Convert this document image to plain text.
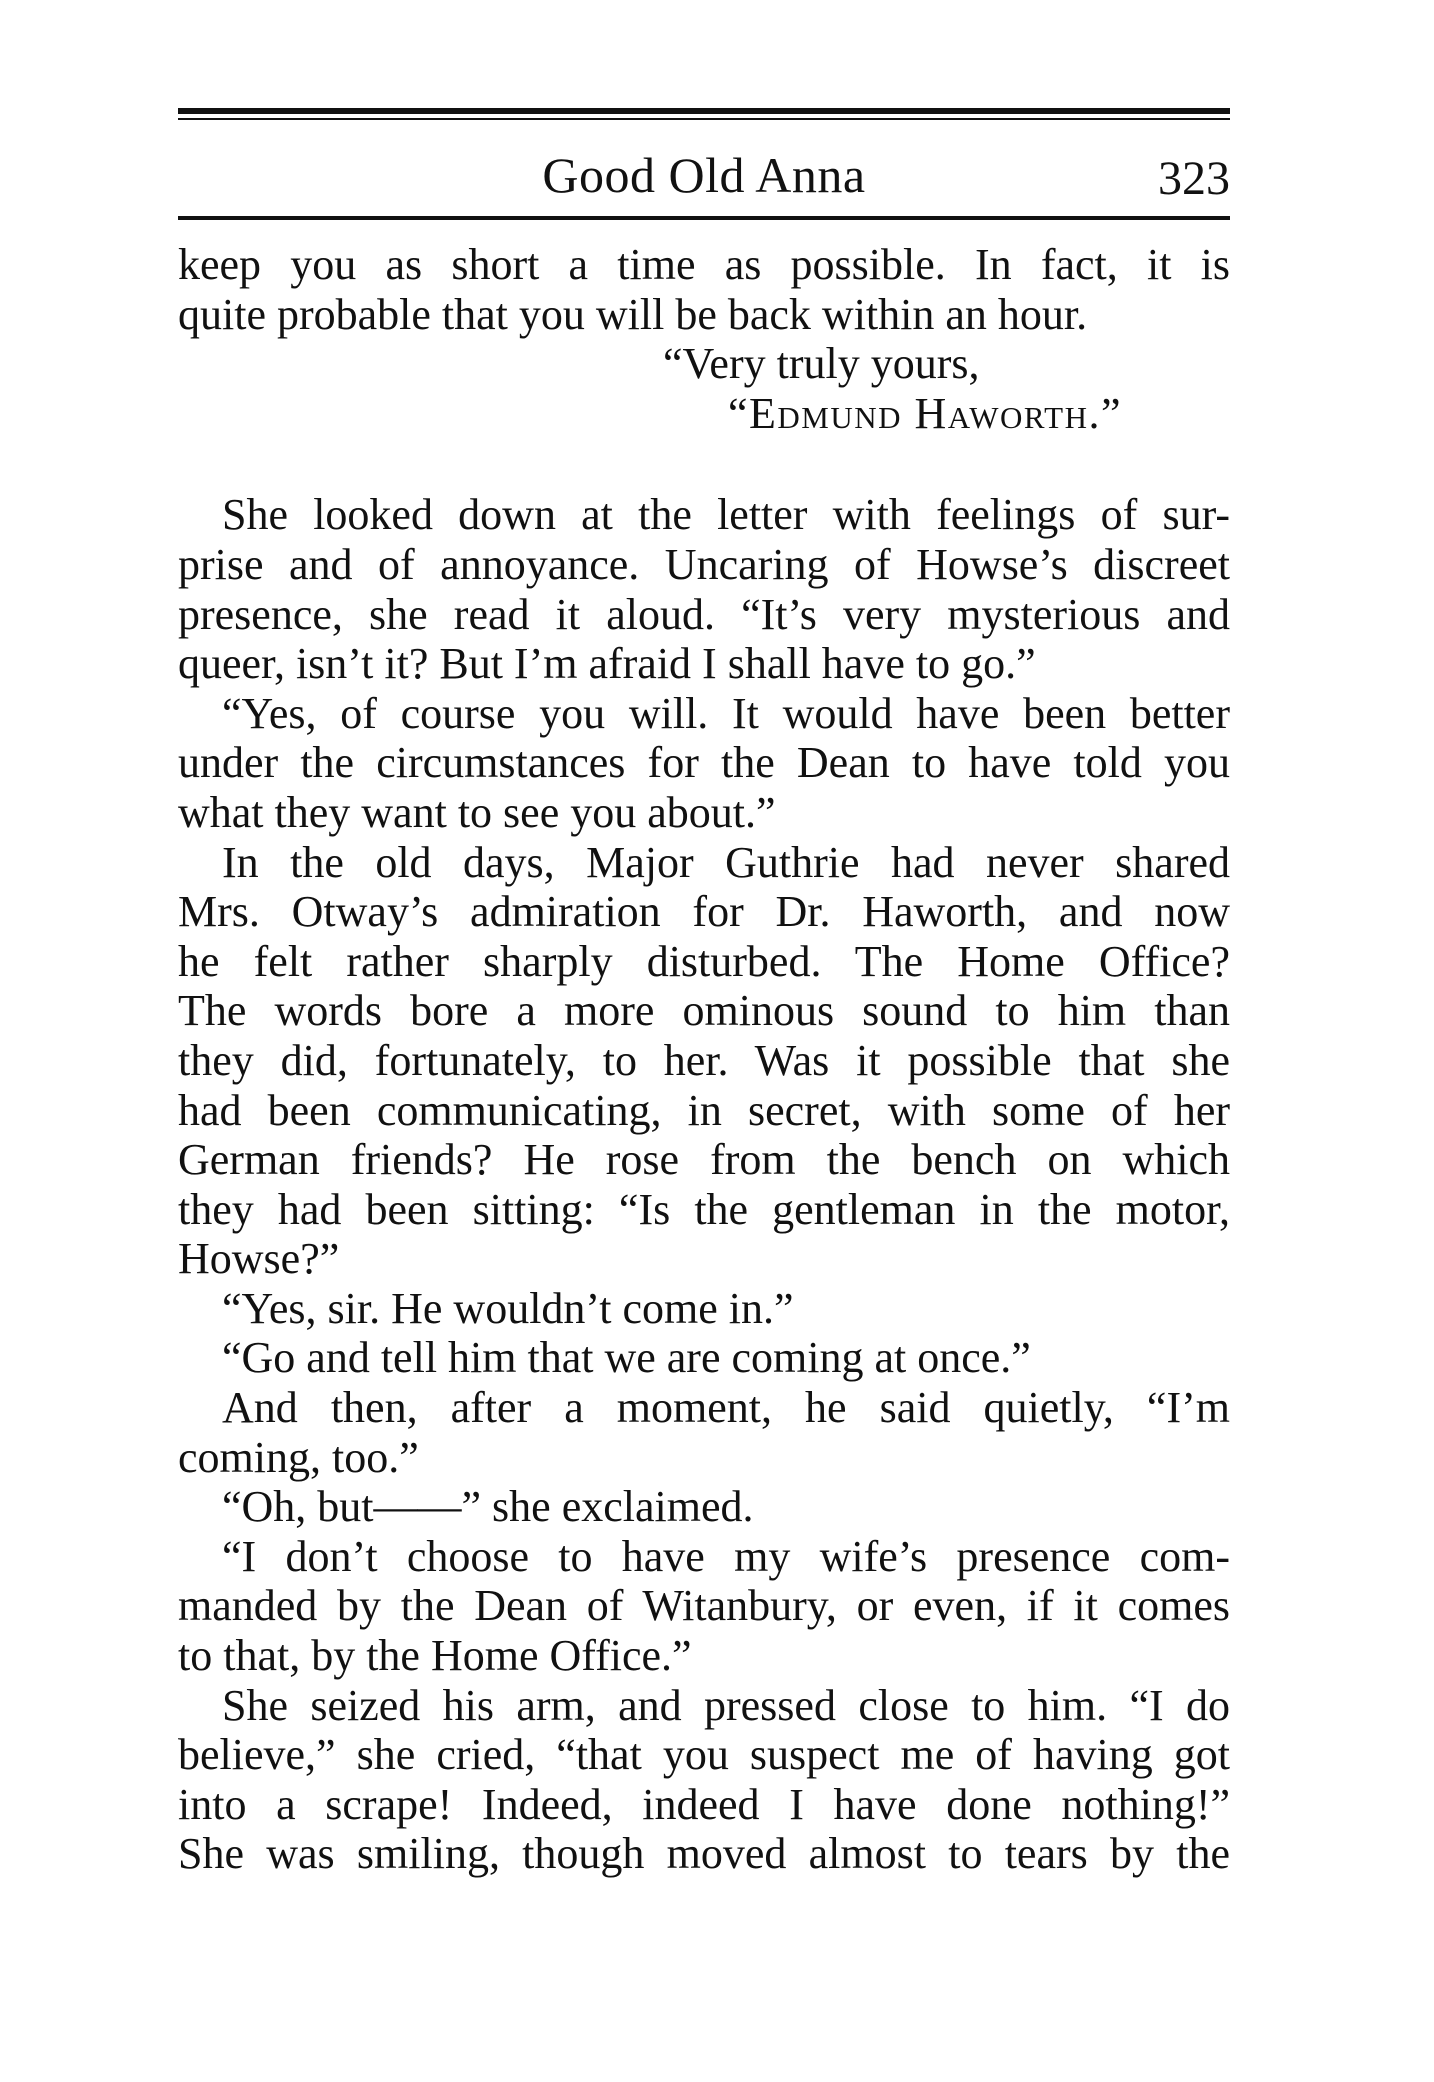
Good Old Anna	323
keep you as short a time as possible. In fact, it is
quite probable that you will be back within an hour.
“Very truly yours,
“Edmund Haworth.”
She looked down at the letter with feelings of sur-
prise and of annoyance. Uncaring of Howse’s discreet
presence, she read it aloud. “It’s very mysterious and
queer, isn’t it? But I’m afraid I shall have to go.”
“Yes, of course you will. It would have been better
under the circumstances for the Dean to have told you
what they want to see you about.”
In the old days, Major Guthrie had never shared
Mrs. Otway’s admiration for Dr. Haworth, and now
he felt rather sharply disturbed. The Home Office?
The words bore a more ominous sound to him than
they did, fortunately, to her. Was it possible that she
had been communicating, in secret, with some of her
German friends? He rose from the bench on which
they had been sitting: “Is the gentleman in the motor,
Howse?”
“Yes, sir. He wouldn’t come in.”
“Go and tell him that we are coming at once.”
And then, after a moment, he said quietly, “I’m
coming, too.”
“Oh, but——” she exclaimed.
“I don’t choose to have my wife’s presence com-
manded by the Dean of Witanbury, or even, if it comes
to that, by the Home Office.”
She seized his arm, and pressed close to him. “I do
believe,” she cried, “that you suspect me of having got
into a scrape! Indeed, indeed I have done nothing!”
She was smiling, though moved almost to tears by the
